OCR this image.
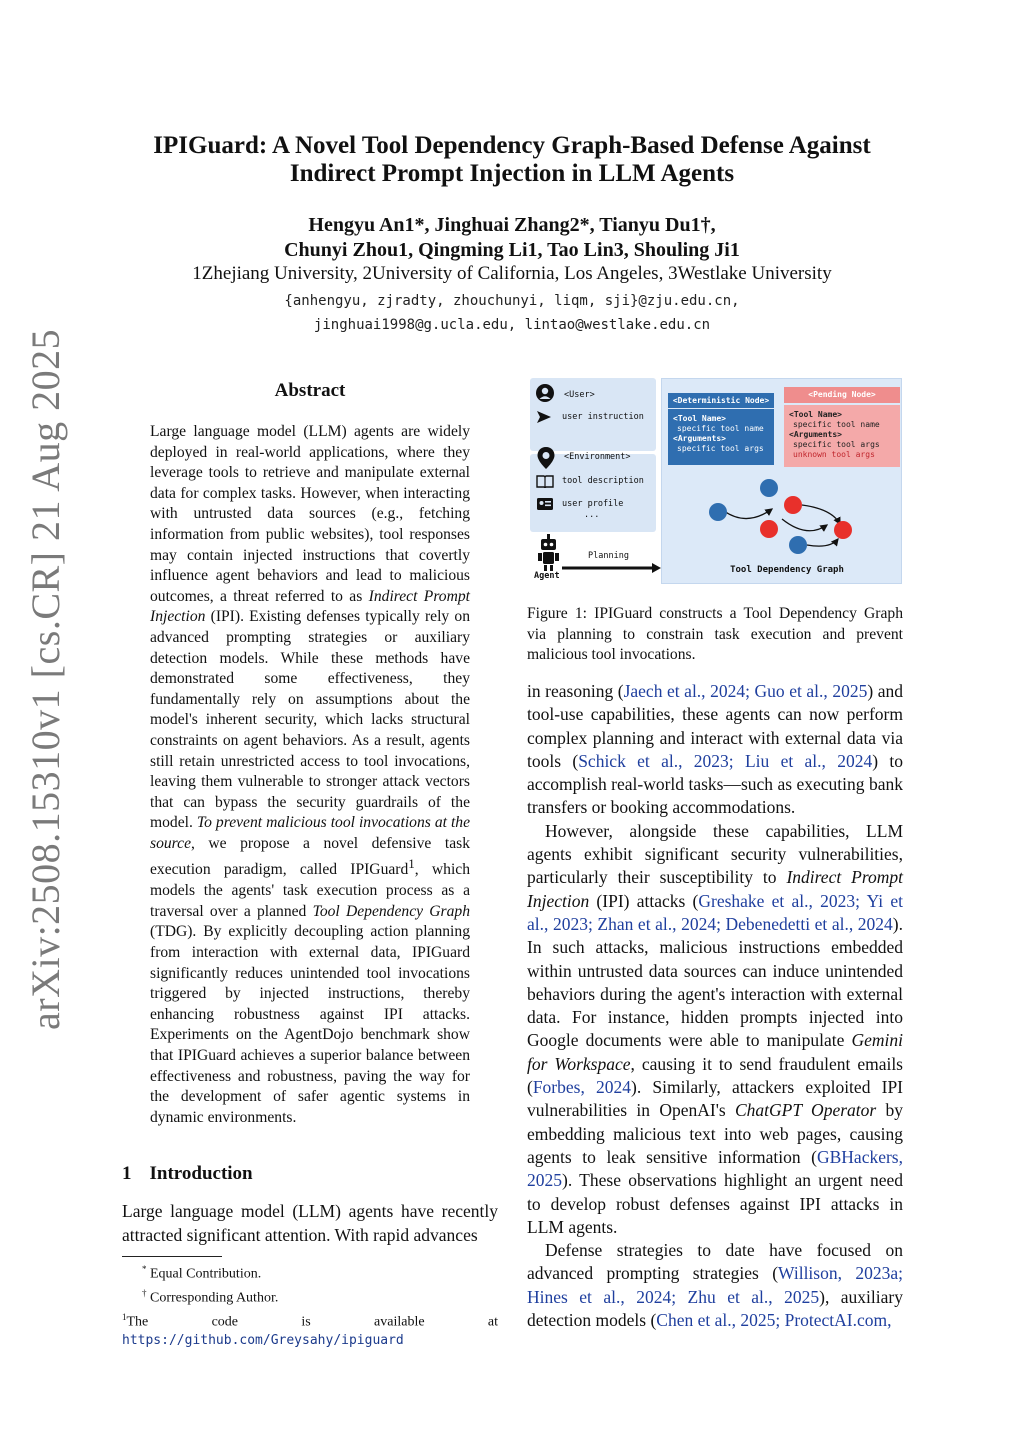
arXiv:2508.15310v1 [cs.CR] 21 Aug 2025
IPIGuard: A Novel Tool Dependency Graph-Based Defense Against
Indirect Prompt Injection in LLM Agents
Hengyu An1*, Jinghuai Zhang2*, Tianyu Du1†,
Chunyi Zhou1, Qingming Li1, Tao Lin3, Shouling Ji1
1Zhejiang University, 2University of California, Los Angeles, 3Westlake University
{anhengyu, zjradty, zhouchunyi, liqm, sji}@zju.edu.cn,
jinghuai1998@g.ucla.edu, lintao@westlake.edu.cn
Abstract
Large language model (LLM) agents are widely deployed in real-world applications, where they leverage tools to retrieve and manipulate external data for complex tasks. However, when interacting with untrusted data sources (e.g., fetching information from public websites), tool responses may contain injected instructions that covertly influence agent behaviors and lead to malicious outcomes, a threat referred to as Indirect Prompt Injection (IPI). Existing defenses typically rely on advanced prompting strategies or auxiliary detection models. While these methods have demonstrated some effectiveness, they fundamentally rely on assumptions about the model's inherent security, which lacks structural constraints on agent behaviors. As a result, agents still retain unrestricted access to tool invocations, leaving them vulnerable to stronger attack vectors that can bypass the security guardrails of the model. To prevent malicious tool invocations at the source, we propose a novel defensive task execution paradigm, called IPIGuard$^1$, which models the agents' task execution process as a traversal over a planned Tool Dependency Graph (TDG). By explicitly decoupling action planning from interaction with external data, IPIGuard significantly reduces unintended tool invocations triggered by injected instructions, thereby enhancing robustness against IPI attacks. Experiments on the AgentDojo benchmark show that IPIGuard achieves a superior balance between effectiveness and robustness, paving the way for the development of safer agentic systems in dynamic environments.
1 Introduction
Large language model (LLM) agents have recently attracted significant attention. With rapid advances
* Equal Contribution.
† Corresponding Author.
$^1$The code is available at https://github.com/Greysahy/ipiguard
<User>
user instruction
<Environment>
tool description
user profile
...
Agent
Planning
<Deterministic Node>
<Tool Name>
specific tool name
<Arguments>
specific tool args
<Pending Node>
<Tool Name>
specific tool name
<Arguments>
specific tool args
unknown tool args
Tool Dependency Graph
Figure 1: IPIGuard constructs a Tool Dependency Graph via planning to constrain task execution and prevent malicious tool invocations.

in reasoning (Jaech et al., 2024; Guo et al., 2025) and tool-use capabilities, these agents can now perform complex planning and interact with external data via tools (Schick et al., 2023; Liu et al., 2024) to accomplish real-world tasks—such as executing bank transfers or booking accommodations.

However, alongside these capabilities, LLM agents exhibit significant security vulnerabilities, particularly their susceptibility to Indirect Prompt Injection (IPI) attacks (Greshake et al., 2023; Yi et al., 2023; Zhan et al., 2024; Debenedetti et al., 2024). In such attacks, malicious instructions embedded within untrusted data sources can induce unintended behaviors during the agent's interaction with external data. For instance, hidden prompts injected into Google documents were able to manipulate Gemini for Workspace, causing it to send fraudulent emails (Forbes, 2024). Similarly, attackers exploited IPI vulnerabilities in OpenAI's ChatGPT Operator by embedding malicious text into web pages, causing agents to leak sensitive information (GBHackers, 2025). These observations highlight an urgent need to develop robust defenses against IPI attacks in LLM agents.

Defense strategies to date have focused on advanced prompting strategies (Willison, 2023a; Hines et al., 2024; Zhu et al., 2025), auxiliary detection models (Chen et al., 2025; ProtectAI.com,
